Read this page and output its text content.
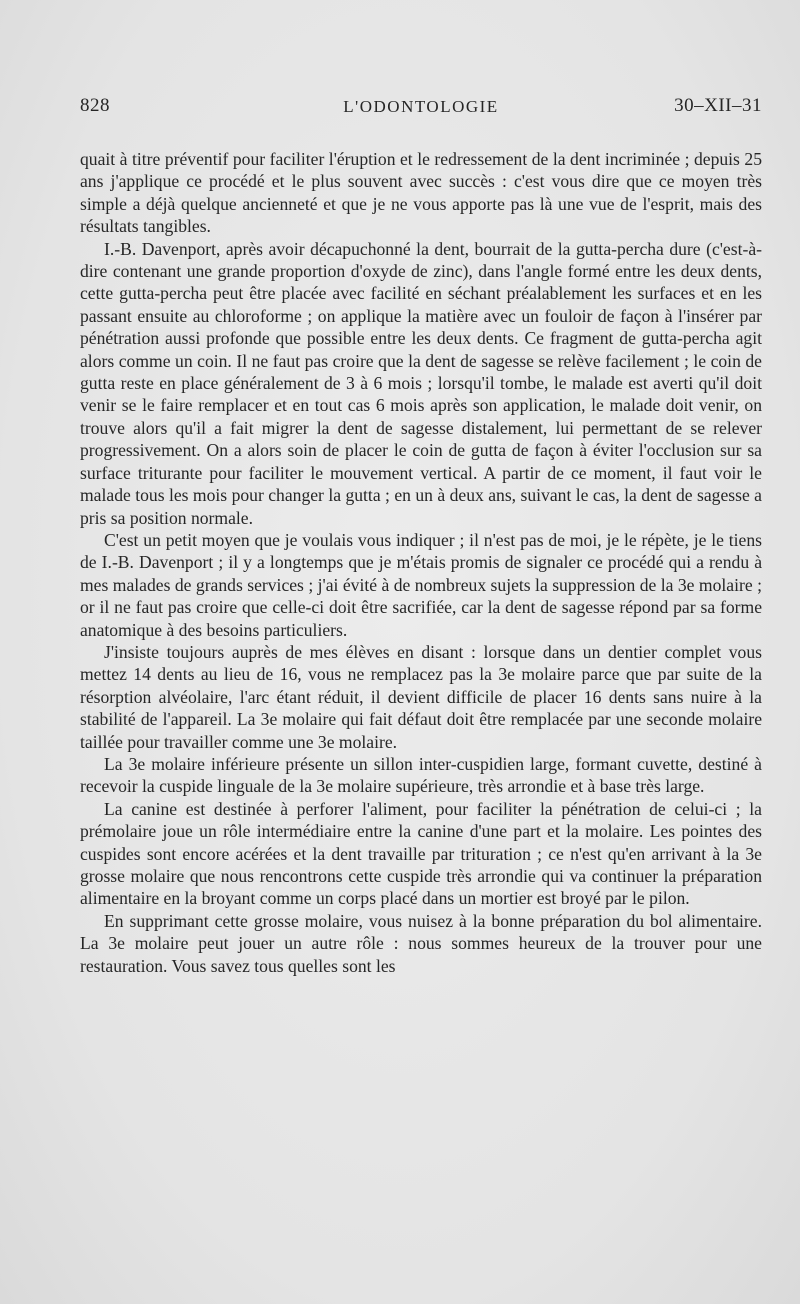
828	L'ODONTOLOGIE	30–XII–31

quait à titre préventif pour faciliter l'éruption et le redressement de la dent incriminée ; depuis 25 ans j'applique ce procédé et le plus souvent avec succès : c'est vous dire que ce moyen très simple a déjà quelque ancienneté et que je ne vous apporte pas là une vue de l'esprit, mais des résultats tangibles.

I.-B. Davenport, après avoir décapuchonné la dent, bourrait de la gutta-percha dure (c'est-à-dire contenant une grande proportion d'oxyde de zinc), dans l'angle formé entre les deux dents, cette gutta-percha peut être placée avec facilité en séchant préalablement les surfaces et en les passant ensuite au chloroforme ; on applique la matière avec un fouloir de façon à l'insérer par pénétration aussi profonde que possible entre les deux dents. Ce fragment de gutta-percha agit alors comme un coin. Il ne faut pas croire que la dent de sagesse se relève facilement ; le coin de gutta reste en place généralement de 3 à 6 mois ; lorsqu'il tombe, le malade est averti qu'il doit venir se le faire remplacer et en tout cas 6 mois après son application, le malade doit venir, on trouve alors qu'il a fait migrer la dent de sagesse distalement, lui permettant de se relever progressivement. On a alors soin de placer le coin de gutta de façon à éviter l'occlusion sur sa surface triturante pour faciliter le mouvement vertical. A partir de ce moment, il faut voir le malade tous les mois pour changer la gutta ; en un à deux ans, suivant le cas, la dent de sagesse a pris sa position normale.

C'est un petit moyen que je voulais vous indiquer ; il n'est pas de moi, je le répète, je le tiens de I.-B. Davenport ; il y a longtemps que je m'étais promis de signaler ce procédé qui a rendu à mes malades de grands services ; j'ai évité à de nombreux sujets la suppression de la 3e molaire ; or il ne faut pas croire que celle-ci doit être sacrifiée, car la dent de sagesse répond par sa forme anatomique à des besoins particuliers.

J'insiste toujours auprès de mes élèves en disant : lorsque dans un dentier complet vous mettez 14 dents au lieu de 16, vous ne remplacez pas la 3e molaire parce que par suite de la résorption alvéolaire, l'arc étant réduit, il devient difficile de placer 16 dents sans nuire à la stabilité de l'appareil. La 3e molaire qui fait défaut doit être remplacée par une seconde molaire taillée pour travailler comme une 3e molaire.

La 3e molaire inférieure présente un sillon inter-cuspidien large, formant cuvette, destiné à recevoir la cuspide linguale de la 3e molaire supérieure, très arrondie et à base très large.

La canine est destinée à perforer l'aliment, pour faciliter la pénétration de celui-ci ; la prémolaire joue un rôle intermédiaire entre la canine d'une part et la molaire. Les pointes des cuspides sont encore acérées et la dent travaille par trituration ; ce n'est qu'en arrivant à la 3e grosse molaire que nous rencontrons cette cuspide très arrondie qui va continuer la préparation alimentaire en la broyant comme un corps placé dans un mortier est broyé par le pilon.

En supprimant cette grosse molaire, vous nuisez à la bonne préparation du bol alimentaire. La 3e molaire peut jouer un autre rôle : nous sommes heureux de la trouver pour une restauration. Vous savez tous quelles sont les
